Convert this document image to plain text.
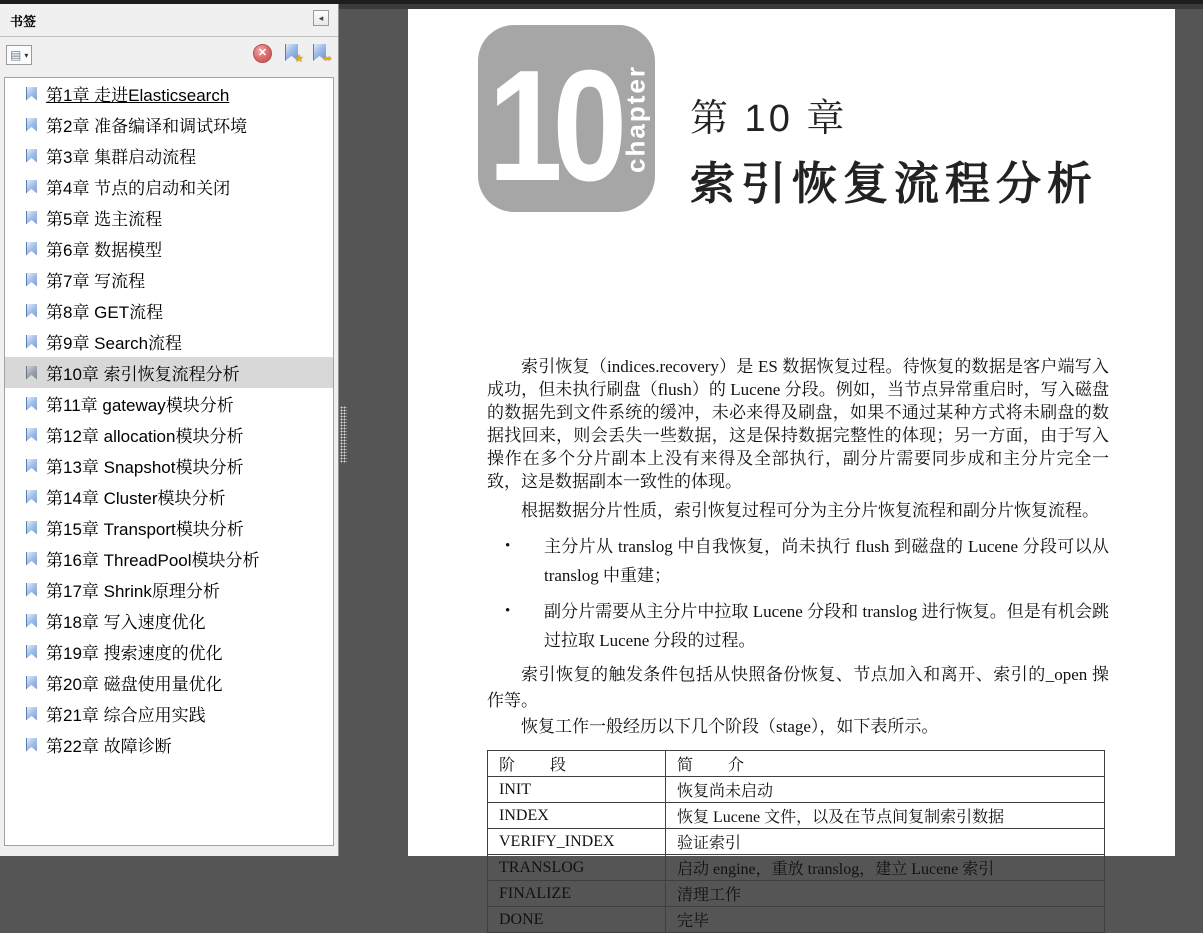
书签	◂
▤ ▾	✕	★ ➥
第1章 走进Elasticsearch
第2章 准备编译和调试环境
第3章 集群启动流程
第4章 节点的启动和关闭
第5章 选主流程
第6章 数据模型
第7章 写流程
第8章 GET流程
第9章 Search流程
第10章 索引恢复流程分析
第11章 gateway模块分析
第12章 allocation模块分析
第13章 Snapshot模块分析
第14章 Cluster模块分析
第15章 Transport模块分析
第16章 ThreadPool模块分析
第17章 Shrink原理分析
第18章 写入速度优化
第19章 搜索速度的优化
第20章 磁盘使用量优化
第21章 综合应用实践
第22章 故障诊断
10 chapter 第 10 章
索引恢复流程分析

索引恢复（indices.recovery）是 ES 数据恢复过程。待恢复的数据是客户端写入成功，但未执行刷盘（flush）的 Lucene 分段。例如，当节点异常重启时，写入磁盘的数据先到文件系统的缓冲，未必来得及刷盘，如果不通过某种方式将未刷盘的数据找回来，则会丢失一些数据，这是保持数据完整性的体现；另一方面，由于写入操作在多个分片副本上没有来得及全部执行，副分片需要同步成和主分片完全一致，这是数据副本一致性的体现。

根据数据分片性质，索引恢复过程可分为主分片恢复流程和副分片恢复流程。

• 主分片从 translog 中自我恢复，尚未执行 flush 到磁盘的 Lucene 分段可以从 translog 中重建；
• 副分片需要从主分片中拉取 Lucene 分段和 translog 进行恢复。但是有机会跳过拉取 Lucene 分段的过程。

索引恢复的触发条件包括从快照备份恢复、节点加入和离开、索引的_open 操作等。

恢复工作一般经历以下几个阶段（stage），如下表所示。

阶　　段	简　　介
INIT	恢复尚未启动
INDEX	恢复 Lucene 文件，以及在节点间复制索引数据
VERIFY_INDEX	验证索引
TRANSLOG	启动 engine，重放 translog，建立 Lucene 索引
FINALIZE	清理工作
DONE	完毕
